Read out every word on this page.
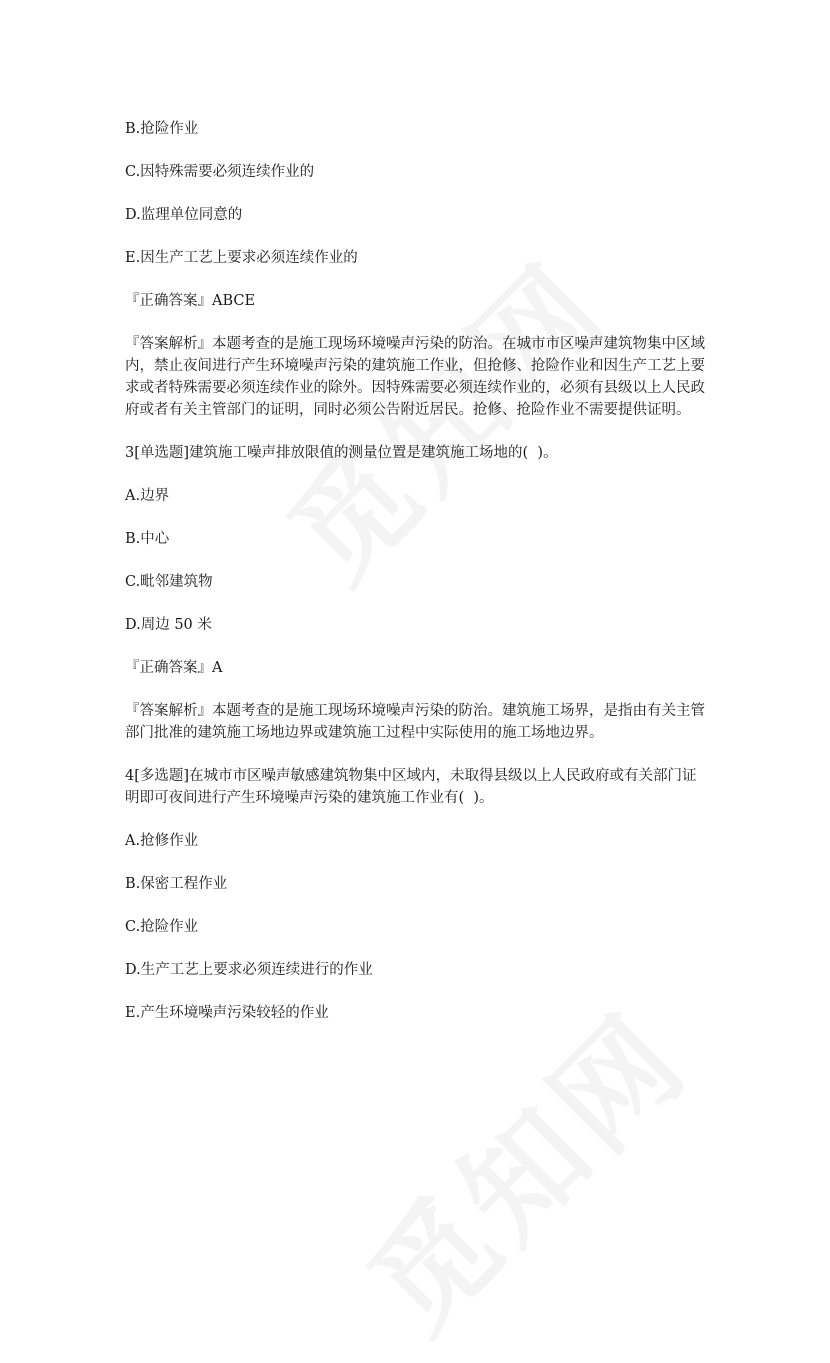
B.抢险作业

C.因特殊需要必须连续作业的

D.监理单位同意的

E.因生产工艺上要求必须连续作业的

『正确答案』ABCE

『答案解析』本题考查的是施工现场环境噪声污染的防治。在城市市区噪声建筑物集中区域内，禁止夜间进行产生环境噪声污染的建筑施工作业，但抢修、抢险作业和因生产工艺上要求或者特殊需要必须连续作业的除外。因特殊需要必须连续作业的，必须有县级以上人民政府或者有关主管部门的证明，同时必须公告附近居民。抢修、抢险作业不需要提供证明。

3[单选题]建筑施工噪声排放限值的测量位置是建筑施工场地的(  )。

A.边界

B.中心

C.毗邻建筑物

D.周边 50 米

『正确答案』A

『答案解析』本题考查的是施工现场环境噪声污染的防治。建筑施工场界，是指由有关主管部门批准的建筑施工场地边界或建筑施工过程中实际使用的施工场地边界。

4[多选题]在城市市区噪声敏感建筑物集中区域内，未取得县级以上人民政府或有关部门证明即可夜间进行产生环境噪声污染的建筑施工作业有(  )。

A.抢修作业

B.保密工程作业

C.抢险作业

D.生产工艺上要求必须连续进行的作业

E.产生环境噪声污染较轻的作业
